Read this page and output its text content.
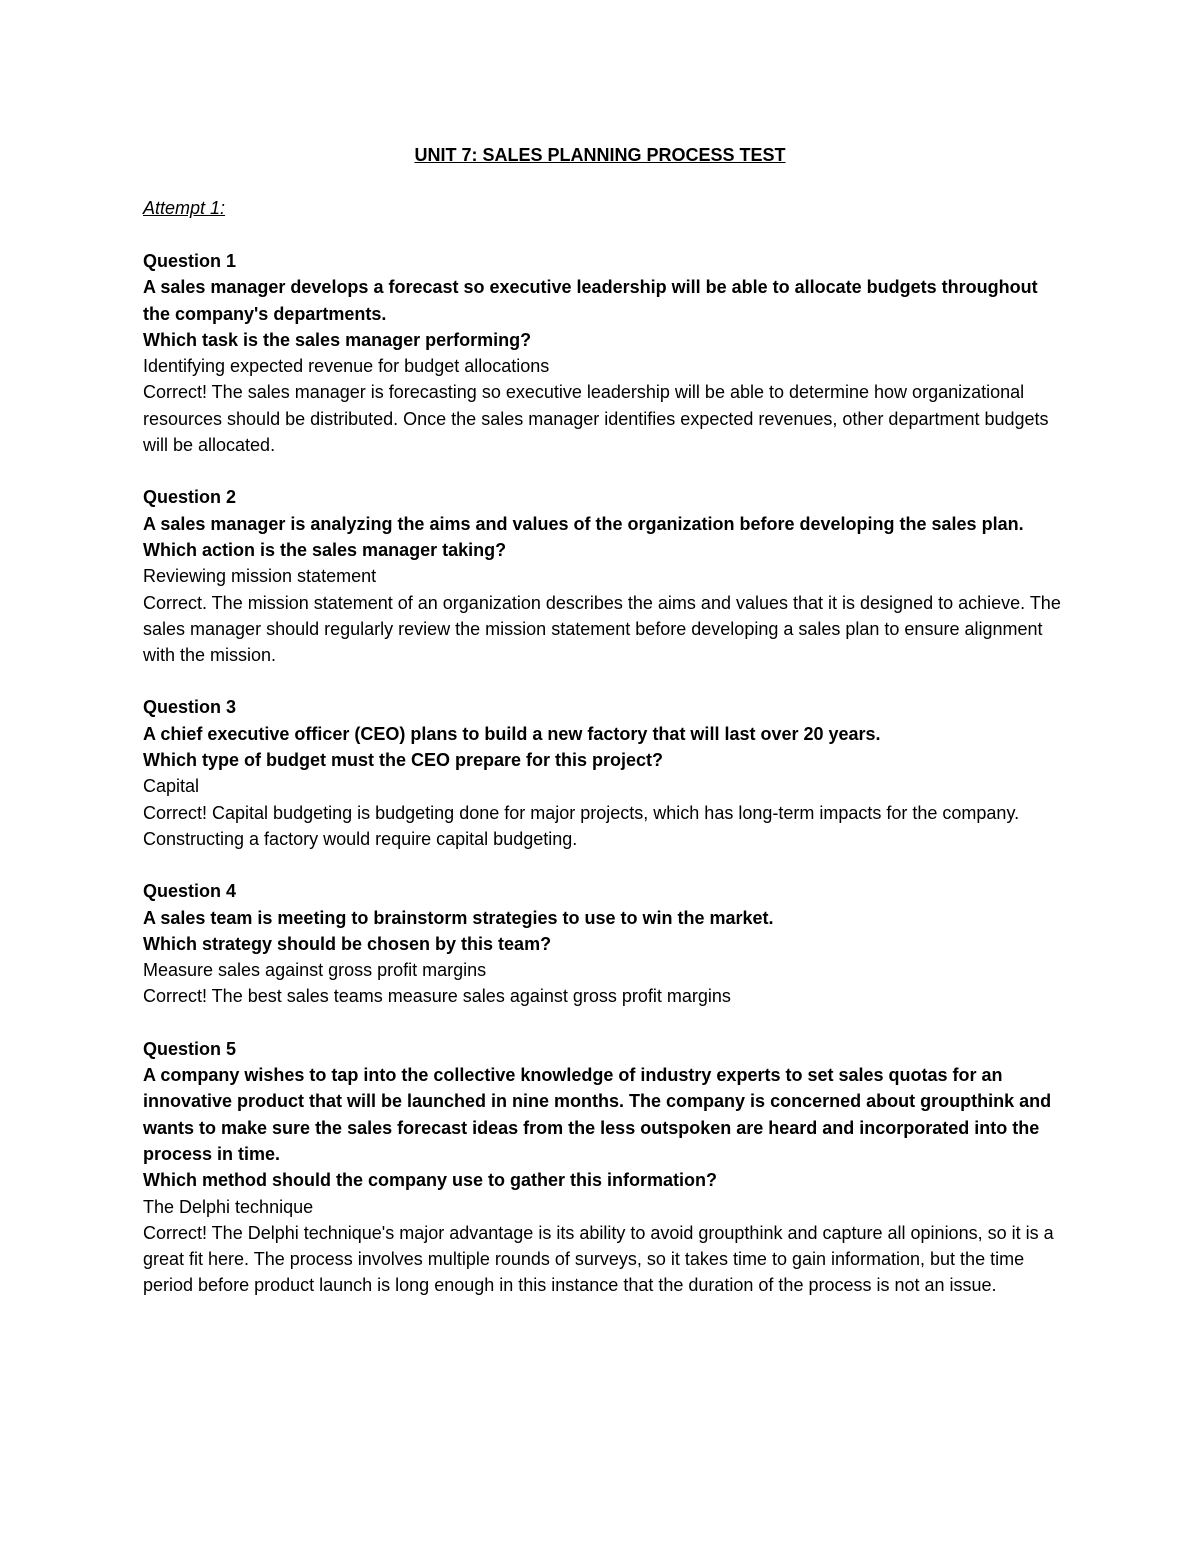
UNIT 7: SALES PLANNING PROCESS TEST

Attempt 1:

Question 1

A sales manager develops a forecast so executive leadership will be able to allocate budgets throughout the company's departments.

Which task is the sales manager performing?

Identifying expected revenue for budget allocations

Correct! The sales manager is forecasting so executive leadership will be able to determine how organizational resources should be distributed. Once the sales manager identifies expected revenues, other department budgets will be allocated.

Question 2

A sales manager is analyzing the aims and values of the organization before developing the sales plan.

Which action is the sales manager taking?

Reviewing mission statement

Correct. The mission statement of an organization describes the aims and values that it is designed to achieve. The sales manager should regularly review the mission statement before developing a sales plan to ensure alignment with the mission.

Question 3

A chief executive officer (CEO) plans to build a new factory that will last over 20 years.

Which type of budget must the CEO prepare for this project?

Capital

Correct! Capital budgeting is budgeting done for major projects, which has long-term impacts for the company. Constructing a factory would require capital budgeting.

Question 4

A sales team is meeting to brainstorm strategies to use to win the market.

Which strategy should be chosen by this team?

Measure sales against gross profit margins

Correct! The best sales teams measure sales against gross profit margins

Question 5

A company wishes to tap into the collective knowledge of industry experts to set sales quotas for an innovative product that will be launched in nine months. The company is concerned about groupthink and wants to make sure the sales forecast ideas from the less outspoken are heard and incorporated into the process in time.

Which method should the company use to gather this information?

The Delphi technique

Correct! The Delphi technique's major advantage is its ability to avoid groupthink and capture all opinions, so it is a great fit here. The process involves multiple rounds of surveys, so it takes time to gain information, but the time period before product launch is long enough in this instance that the duration of the process is not an issue.
